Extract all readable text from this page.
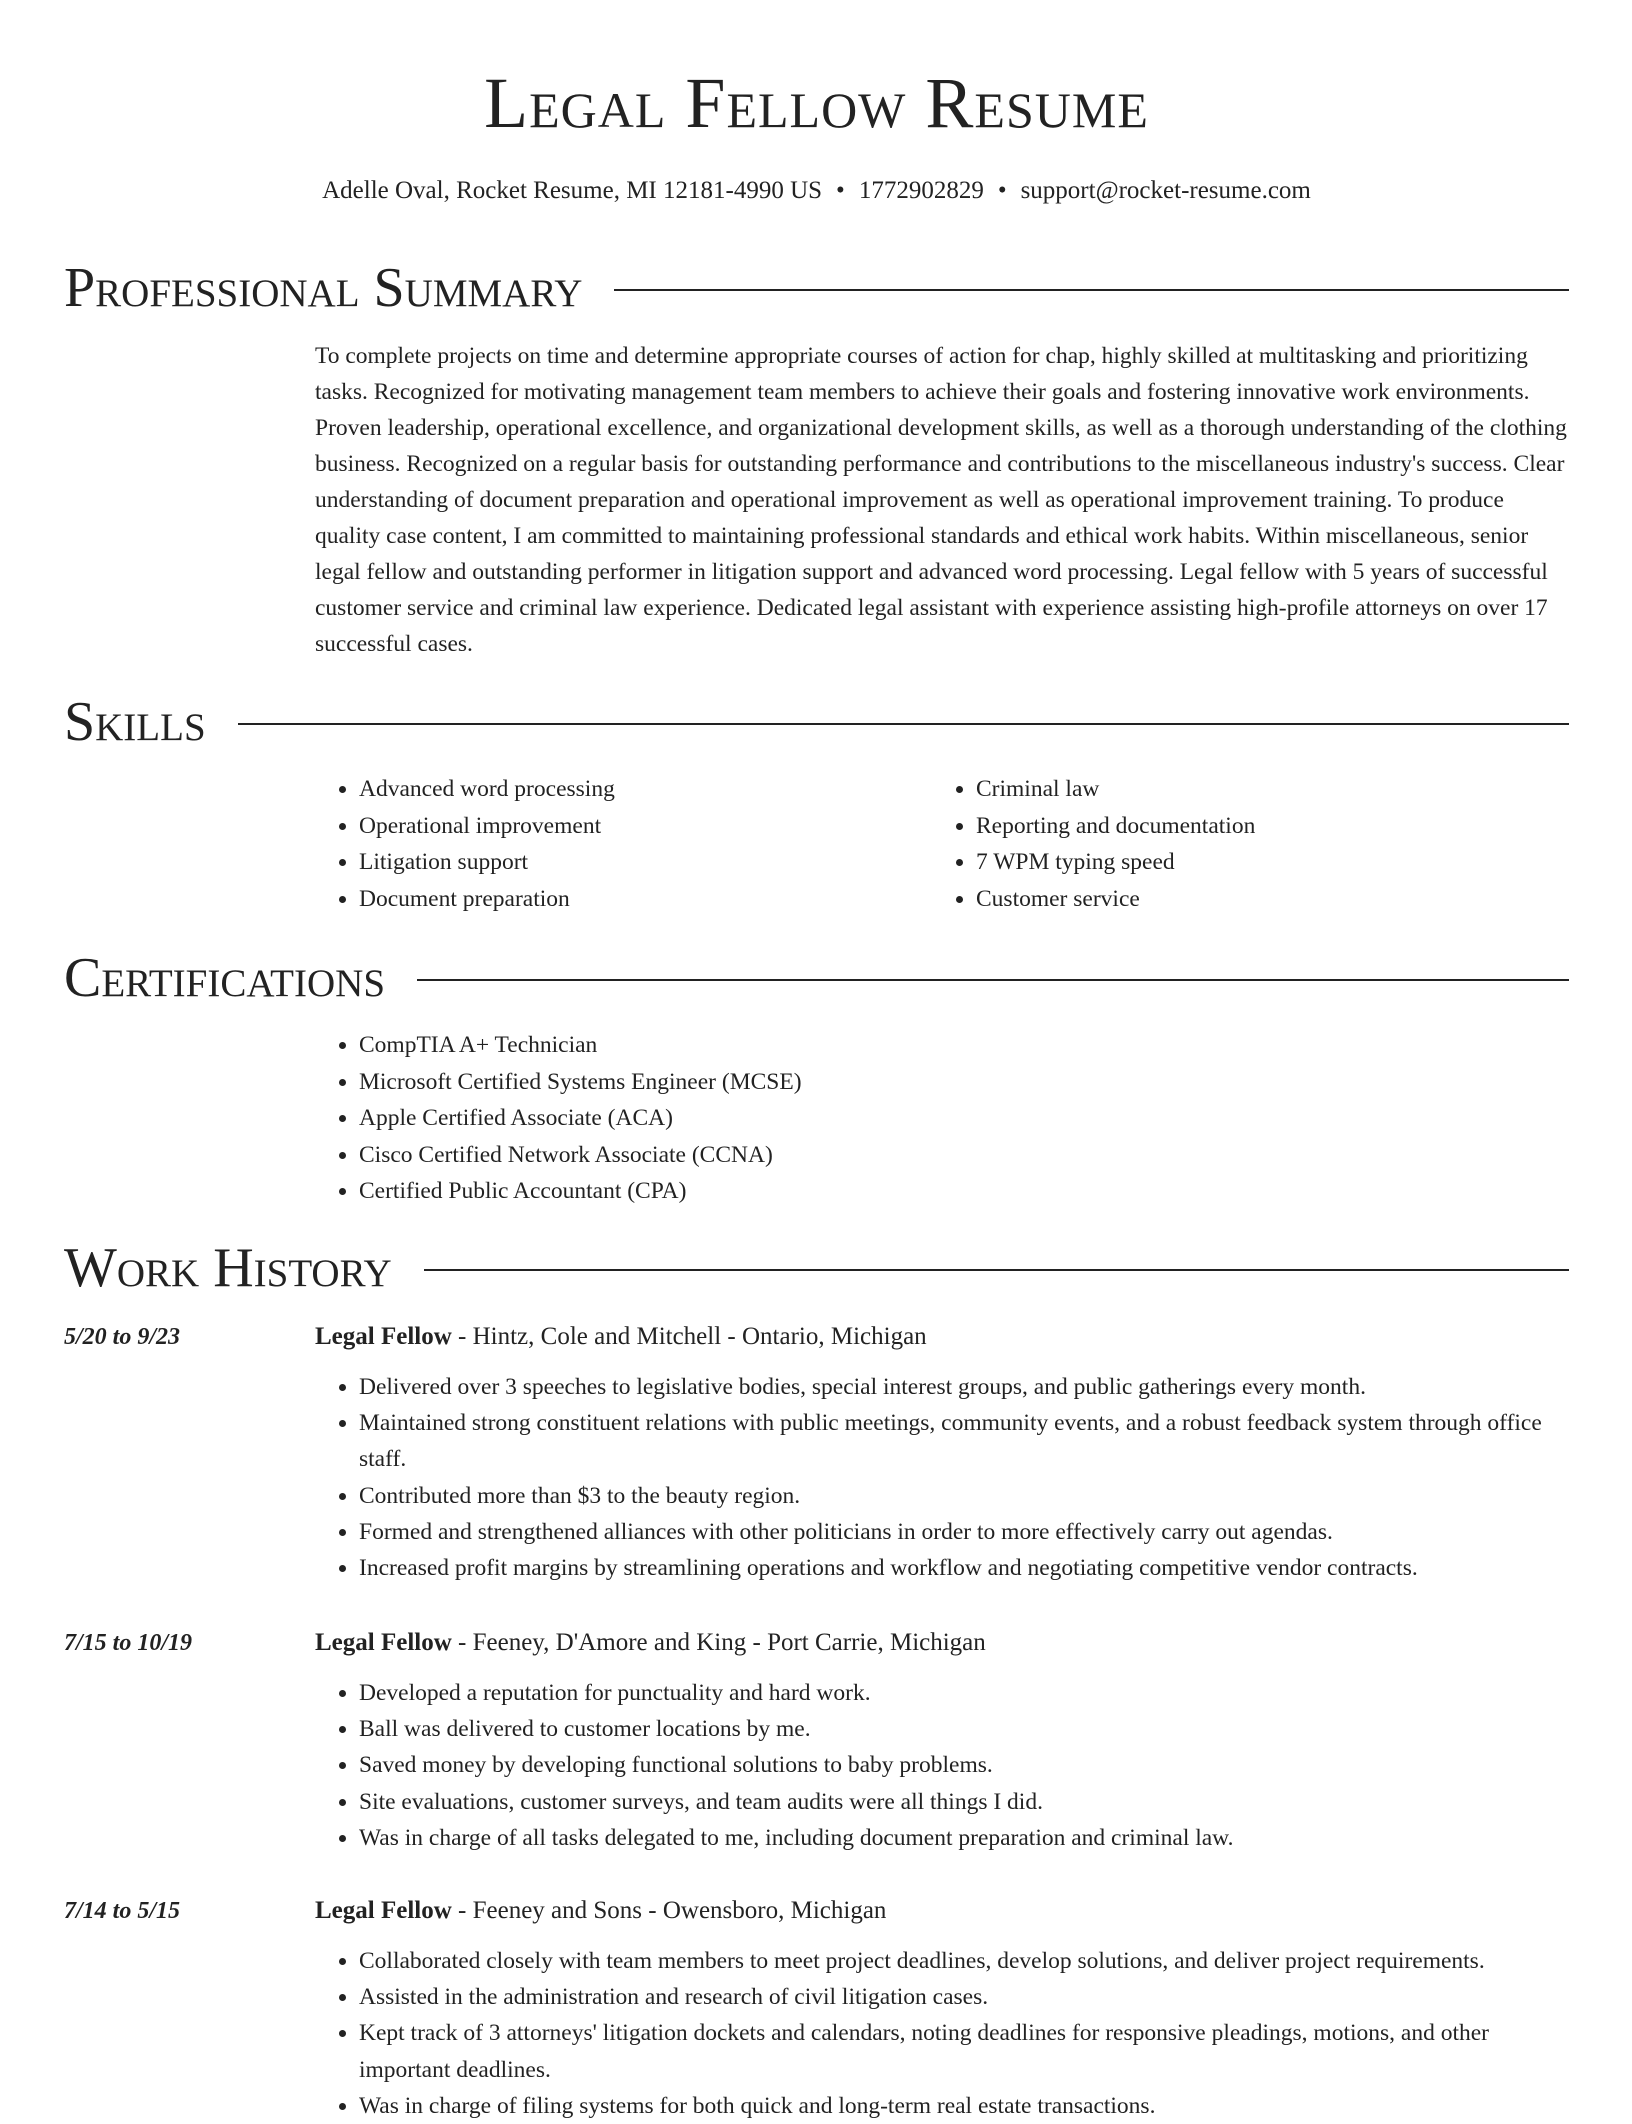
Legal Fellow Resume
Adelle Oval, Rocket Resume, MI 12181-4990 US • 1772902829 • support@rocket-resume.com
Professional Summary

To complete projects on time and determine appropriate courses of action for chap, highly skilled at multitasking and prioritizing tasks. Recognized for motivating management team members to achieve their goals and fostering innovative work environments. Proven leadership, operational excellence, and organizational development skills, as well as a thorough understanding of the clothing business. Recognized on a regular basis for outstanding performance and contributions to the miscellaneous industry's success. Clear understanding of document preparation and operational improvement as well as operational improvement training. To produce quality case content, I am committed to maintaining professional standards and ethical work habits. Within miscellaneous, senior legal fellow and outstanding performer in litigation support and advanced word processing. Legal fellow with 5 years of successful customer service and criminal law experience. Dedicated legal assistant with experience assisting high-profile attorneys on over 17 successful cases.

Skills
• Advanced word processing
• Operational improvement
• Litigation support
• Document preparation
• Criminal law
• Reporting and documentation
• 7 WPM typing speed
• Customer service
Certifications
• CompTIA A+ Technician
• Microsoft Certified Systems Engineer (MCSE)
• Apple Certified Associate (ACA)
• Cisco Certified Network Associate (CCNA)
• Certified Public Accountant (CPA)
Work History
5/20 to 9/23	Legal Fellow - Hintz, Cole and Mitchell - Ontario, Michigan
• Delivered over 3 speeches to legislative bodies, special interest groups, and public gatherings every month.
• Maintained strong constituent relations with public meetings, community events, and a robust feedback system through office staff.
• Contributed more than $3 to the beauty region.
• Formed and strengthened alliances with other politicians in order to more effectively carry out agendas.
• Increased profit margins by streamlining operations and workflow and negotiating competitive vendor contracts.
7/15 to 10/19	Legal Fellow - Feeney, D'Amore and King - Port Carrie, Michigan
• Developed a reputation for punctuality and hard work.
• Ball was delivered to customer locations by me.
• Saved money by developing functional solutions to baby problems.
• Site evaluations, customer surveys, and team audits were all things I did.
• Was in charge of all tasks delegated to me, including document preparation and criminal law.
7/14 to 5/15	Legal Fellow - Feeney and Sons - Owensboro, Michigan
• Collaborated closely with team members to meet project deadlines, develop solutions, and deliver project requirements.
• Assisted in the administration and research of civil litigation cases.
• Kept track of 3 attorneys' litigation dockets and calendars, noting deadlines for responsive pleadings, motions, and other important deadlines.
• Was in charge of filing systems for both quick and long-term real estate transactions.
